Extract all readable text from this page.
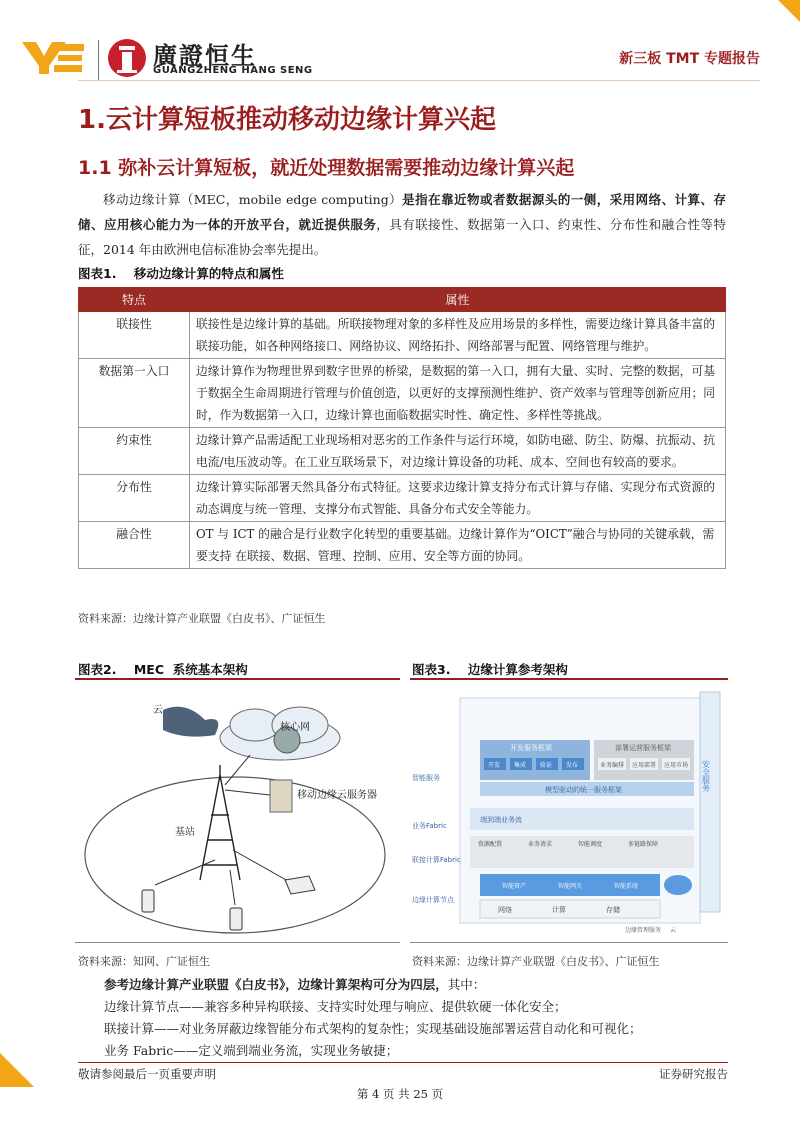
廣證恒生
GUANGZHENG HANG SENG
新三板 TMT 专题报告
1.云计算短板推动移动边缘计算兴起
1.1 弥补云计算短板，就近处理数据需要推动边缘计算兴起
移动边缘计算（MEC，mobile edge computing）是指在靠近物或者数据源头的一侧，采用网络、计算、存储、应用核心能力为一体的开放平台，就近提供服务，具有联接性、数据第一入口、约束性、分布性和融合性等特征，2014 年由欧洲电信标准协会率先提出。
图表1.    移动边缘计算的特点和属性
特点	属性
联接性	联接性是边缘计算的基础。所联接物理对象的多样性及应用场景的多样性，需要边缘计算具备丰富的联接功能，如各种网络接口、网络协议、网络拓扑、网络部署与配置、网络管理与维护。
数据第一入口	边缘计算作为物理世界到数字世界的桥梁，是数据的第一入口，拥有大量、实时、完整的数据，可基于数据全生命周期进行管理与价值创造，以更好的支撑预测性维护、资产效率与管理等创新应用；同时，作为数据第一入口，边缘计算也面临数据实时性、确定性、多样性等挑战。
约束性	边缘计算产品需适配工业现场相对恶劣的工作条件与运行环境，如防电磁、防尘、防爆、抗振动、抗电流/电压波动等。在工业互联场景下，对边缘计算设备的功耗、成本、空间也有较高的要求。
分布性	边缘计算实际部署天然具备分布式特征。这要求边缘计算支持分布式计算与存储、实现分布式资源的动态调度与统一管理、支撑分布式智能、具备分布式安全等能力。
融合性	OT 与 ICT 的融合是行业数字化转型的重要基础。边缘计算作为“OICT”融合与协同的关键承载，需要支持 在联接、数据、管理、控制、应用、安全等方面的协同。
资料来源：边缘计算产业联盟《白皮书》、广证恒生
图表2.    MEC  系统基本架构
核心网
云
移动边缘云服务器
基站
资料来源：知网、广证恒生
图表3.    边缘计算参考架构
安全服务
智能服务
开发服务框架	部署运营服务框架
开发 集成 验证 发布	业务编排 应用部署 应用市场
模型驱动的统一服务框架
业务Fabric
端到端业务流
联接计算Fabric
资源配置	业务请求	智能调度	多链路保障
边缘计算节点
智能资产	智能网关	智能系统
网络	计算	存储
边缘管理服务 云
资料来源：边缘计算产业联盟《白皮书》、广证恒生
参考边缘计算产业联盟《白皮书》，边缘计算架构可分为四层，其中：
边缘计算节点——兼容多种异构联接、支持实时处理与响应、提供软硬一体化安全；
联接计算——对业务屏蔽边缘智能分布式架构的复杂性；实现基础设施部署运营自动化和可视化；
业务 Fabric——定义端到端业务流，实现业务敏捷；
敬请参阅最后一页重要声明	证券研究报告
第 4 页 共 25 页
